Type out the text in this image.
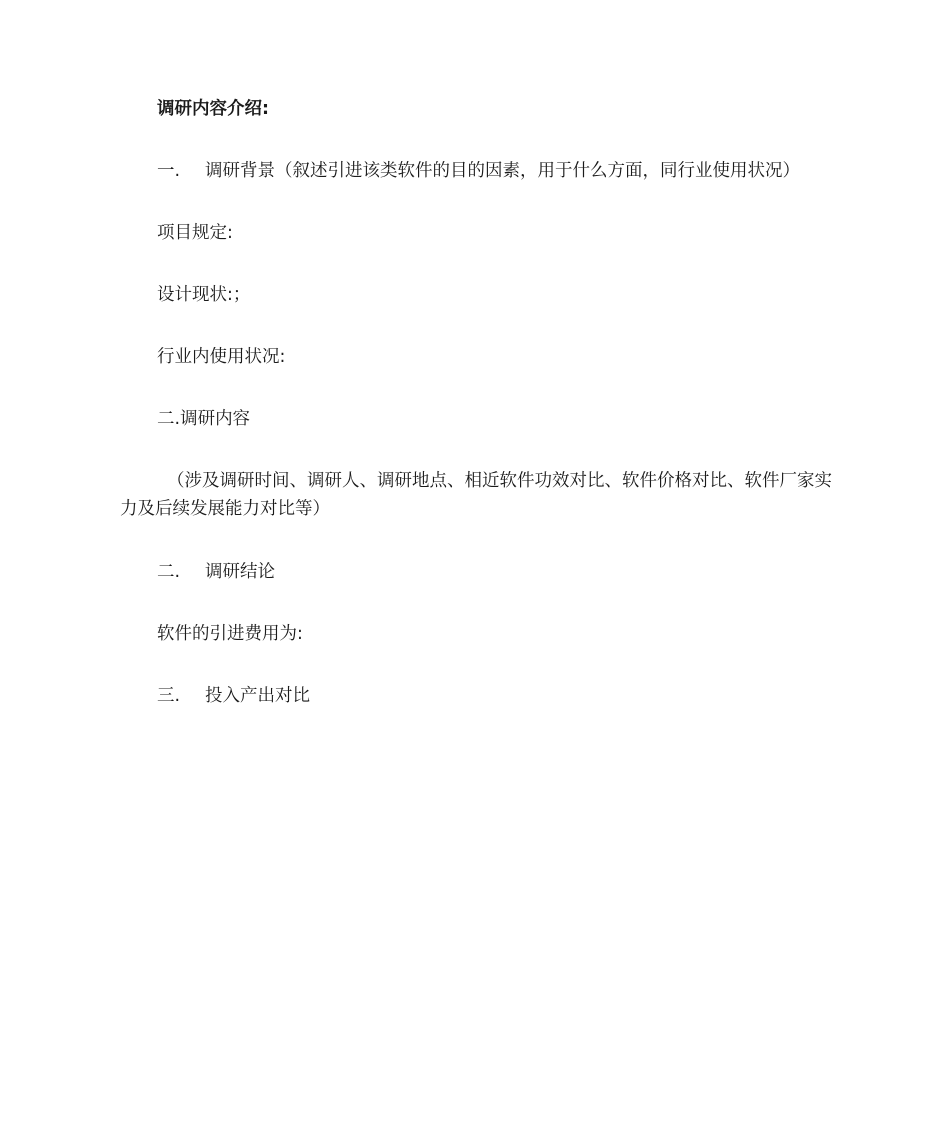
调研内容介绍:
一. 调研背景（叙述引进该类软件的目的因素，用于什么方面，同行业使用状况）
项目规定:
设计现状:；
行业内使用状况:
二.调研内容
（涉及调研时间、调研人、调研地点、相近软件功效对比、软件价格对比、软件厂家实力及后续发展能力对比等）
二. 调研结论
软件的引进费用为:
三. 投入产出对比
